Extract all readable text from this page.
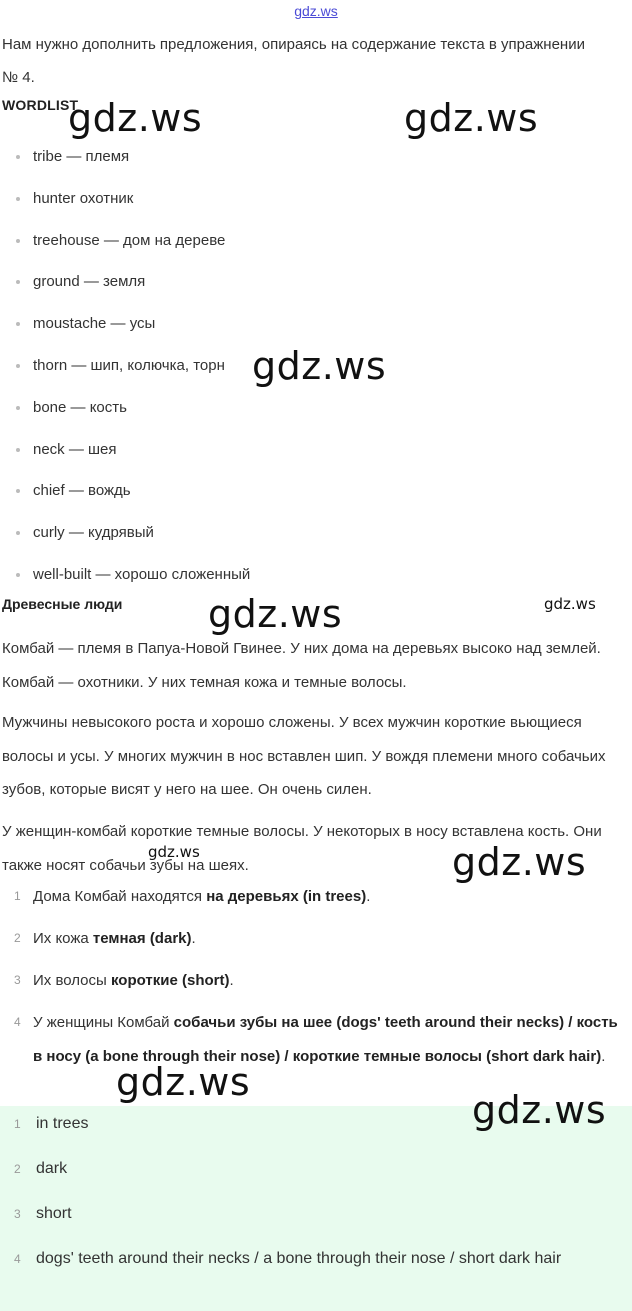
gdz.ws
Нам нужно дополнить предложения, опираясь на содержание текста в упражнении № 4.
WORDLIST
tribe — племя
hunter охотник
treehouse — дом на дереве
ground — земля
moustache — усы
thorn — шип, колючка, торн
bone — кость
neck — шея
chief — вождь
curly — кудрявый
well-built — хорошо сложенный
Древесные люди
Комбай — племя в Папуа-Новой Гвинее. У них дома на деревьях высоко над землей. Комбай — охотники. У них темная кожа и темные волосы.
Мужчины невысокого роста и хорошо сложены. У всех мужчин короткие вьющиеся волосы и усы. У многих мужчин в нос вставлен шип. У вождя племени много собачьих зубов, которые висят у него на шее. Он очень силен.
У женщин-комбай короткие темные волосы. У некоторых в носу вставлена кость. Они также носят собачьи зубы на шеях.
1 Дома Комбай находятся на деревьях (in trees).
2 Их кожа темная (dark).
3 Их волосы короткие (short).
4 У женщины Комбай собачьи зубы на шее (dogs' teeth around their necks) / кость в носу (a bone through their nose) / короткие темные волосы (short dark hair).
1 in trees
2 dark
3 short
4 dogs' teeth around their necks / a bone through their nose / short dark hair
gdz.ws	gdz.ws
gdz.ws
gdz.ws	gdz.ws
gdz.ws	gdz.ws
gdz.ws
gdz.ws
